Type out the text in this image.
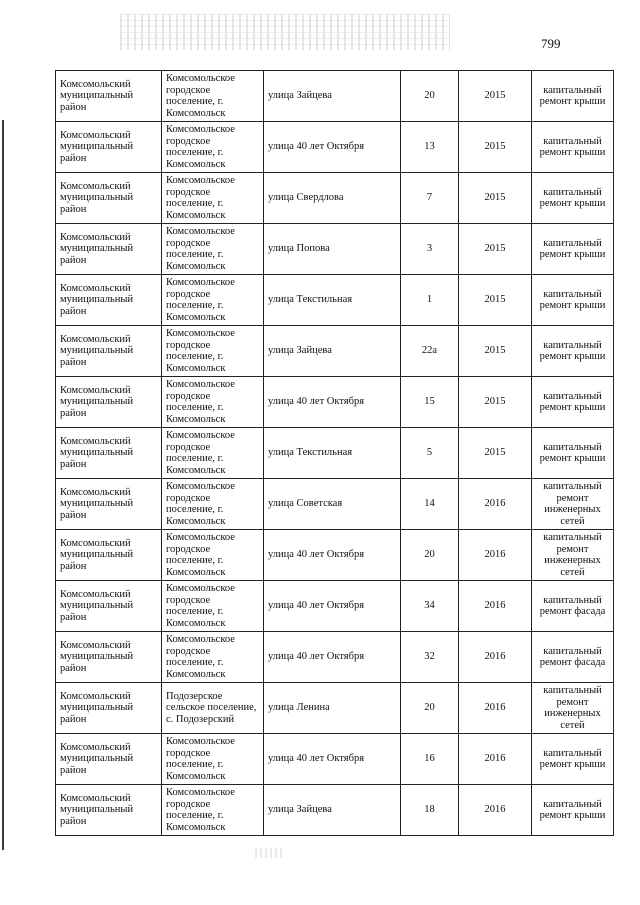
799
Комсомольский муниципальный район	Комсомольское городское поселение, г. Комсомольск	улица Зайцева	20	2015	капитальный ремонт крыши
Комсомольский муниципальный район	Комсомольское городское поселение, г. Комсомольск	улица 40 лет Октября	13	2015	капитальный ремонт крыши
Комсомольский муниципальный район	Комсомольское городское поселение, г. Комсомольск	улица Свердлова	7	2015	капитальный ремонт крыши
Комсомольский муниципальный район	Комсомольское городское поселение, г. Комсомольск	улица Попова	3	2015	капитальный ремонт крыши
Комсомольский муниципальный район	Комсомольское городское поселение, г. Комсомольск	улица Текстильная	1	2015	капитальный ремонт крыши
Комсомольский муниципальный район	Комсомольское городское поселение, г. Комсомольск	улица Зайцева	22а	2015	капитальный ремонт крыши
Комсомольский муниципальный район	Комсомольское городское поселение, г. Комсомольск	улица 40 лет Октября	15	2015	капитальный ремонт крыши
Комсомольский муниципальный район	Комсомольское городское поселение, г. Комсомольск	улица Текстильная	5	2015	капитальный ремонт крыши
Комсомольский муниципальный район	Комсомольское городское поселение, г. Комсомольск	улица Советская	14	2016	капитальный ремонт инженерных сетей
Комсомольский муниципальный район	Комсомольское городское поселение, г. Комсомольск	улица 40 лет Октября	20	2016	капитальный ремонт инженерных сетей
Комсомольский муниципальный район	Комсомольское городское поселение, г. Комсомольск	улица 40 лет Октября	34	2016	капитальный ремонт фасада
Комсомольский муниципальный район	Комсомольское городское поселение, г. Комсомольск	улица 40 лет Октября	32	2016	капитальный ремонт фасада
Комсомольский муниципальный район	Подозерское сельское поселение, с. Подозерский	улица Ленина	20	2016	капитальный ремонт инженерных сетей
Комсомольский муниципальный район	Комсомольское городское поселение, г. Комсомольск	улица 40 лет Октября	16	2016	капитальный ремонт крыши
Комсомольский муниципальный район	Комсомольское городское поселение, г. Комсомольск	улица Зайцева	18	2016	капитальный ремонт крыши
